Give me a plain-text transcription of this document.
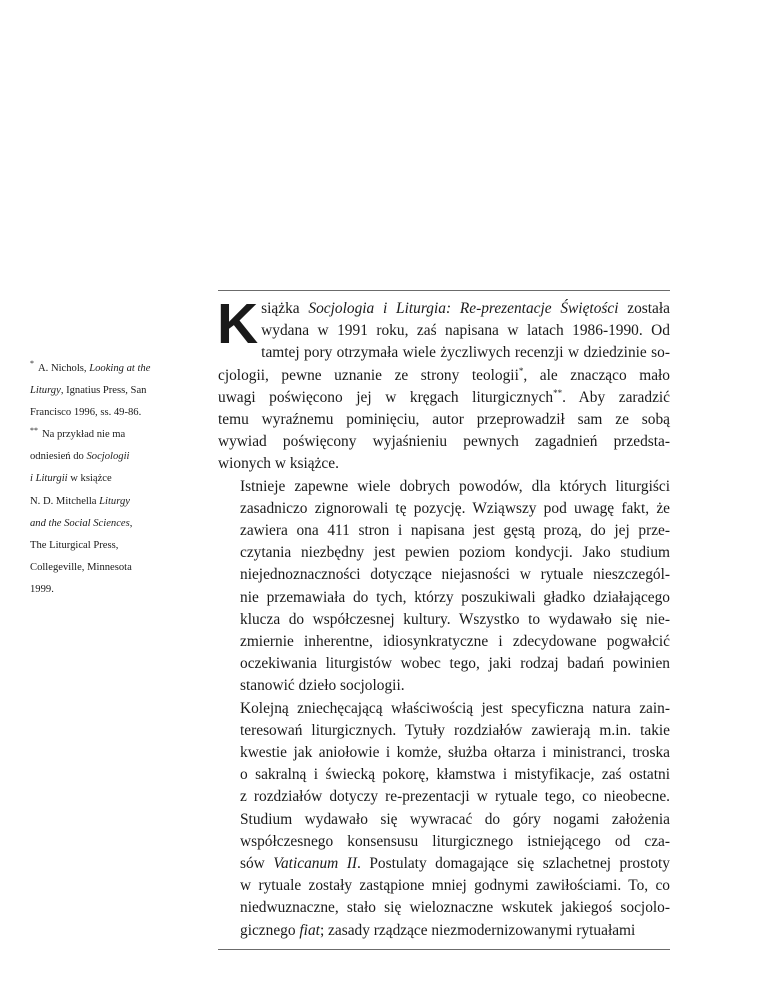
* A. Nichols, Looking at the
Liturgy, Ignatius Press, San
Francisco 1996, ss. 49-86.
** Na przykład nie ma
odniesień do Socjologii
i Liturgii w książce
N. D. Mitchella Liturgy
and the Social Sciences,
The Liturgical Press,
Collegeville, Minnesota
1999.

K siążka Socjologia i Liturgia: Re-prezentacje Świętości została
wydana w 1991 roku, zaś napisana w latach 1986-1990. Od
tamtej pory otrzymała wiele życzliwych recenzji w dziedzinie so-
cjologii, pewne uznanie ze strony teologii*, ale znacząco mało
uwagi poświęcono jej w kręgach liturgicznych**. Aby zaradzić
temu wyraźnemu pominięciu, autor przeprowadził sam ze sobą
wywiad poświęcony wyjaśnieniu pewnych zagadnień przedsta-
wionych w książce.

Istnieje zapewne wiele dobrych powodów, dla których liturgiści
zasadniczo zignorowali tę pozycję. Wziąwszy pod uwagę fakt, że
zawiera ona 411 stron i napisana jest gęstą prozą, do jej prze-
czytania niezbędny jest pewien poziom kondycji. Jako studium
niejednoznaczności dotyczące niejasności w rytuale nieszczegól-
nie przemawiała do tych, którzy poszukiwali gładko działającego
klucza do współczesnej kultury. Wszystko to wydawało się nie-
zmiernie inherentne, idiosynkratyczne i zdecydowane pogwałcić
oczekiwania liturgistów wobec tego, jaki rodzaj badań powinien
stanowić dzieło socjologii.

Kolejną zniechęcającą właściwością jest specyficzna natura zain-
teresowań liturgicznych. Tytuły rozdziałów zawierają m.in. takie
kwestie jak aniołowie i komże, służba ołtarza i ministranci, troska
o sakralną i świecką pokorę, kłamstwa i mistyfikacje, zaś ostatni
z rozdziałów dotyczy re-prezentacji w rytuale tego, co nieobecne.
Studium wydawało się wywracać do góry nogami założenia
współczesnego konsensusu liturgicznego istniejącego od cza-
sów Vaticanum II. Postulaty domagające się szlachetnej prostoty
w rytuale zostały zastąpione mniej godnymi zawiłościami. To, co
niedwuznaczne, stało się wieloznaczne wskutek jakiegoś socjolo-
gicznego fiat; zasady rządzące niezmodernizowanymi rytuałami
